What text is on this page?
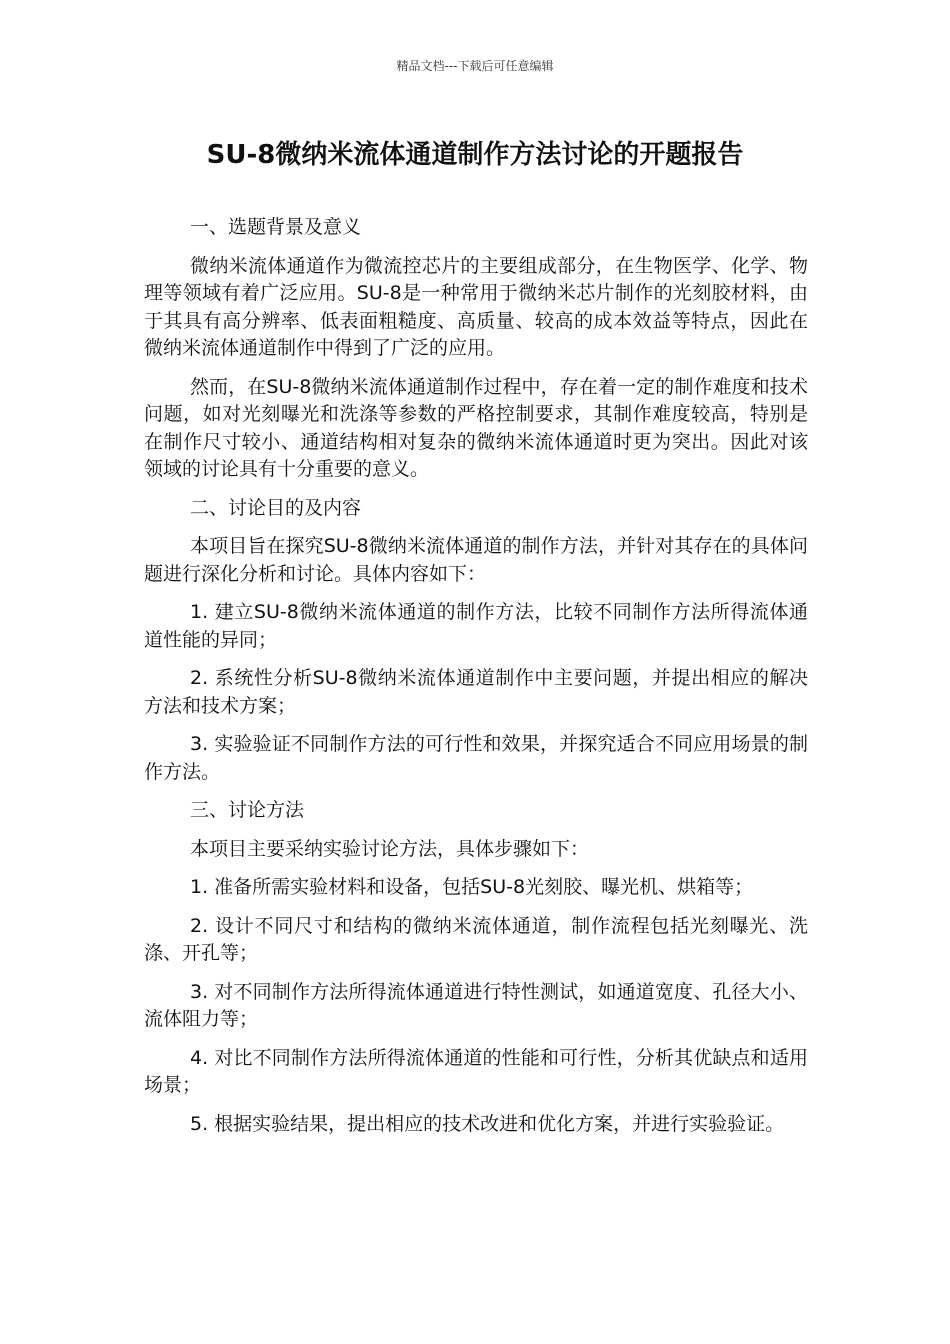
精品文档---下载后可任意编辑
SU-8微纳米流体通道制作方法讨论的开题报告

一、选题背景及意义

微纳米流体通道作为微流控芯片的主要组成部分，在生物医学、化学、物理等领域有着广泛应用。SU-8是一种常用于微纳米芯片制作的光刻胶材料，由于其具有高分辨率、低表面粗糙度、高质量、较高的成本效益等特点，因此在微纳米流体通道制作中得到了广泛的应用。

然而，在SU-8微纳米流体通道制作过程中，存在着一定的制作难度和技术问题，如对光刻曝光和洗涤等参数的严格控制要求，其制作难度较高，特别是在制作尺寸较小、通道结构相对复杂的微纳米流体通道时更为突出。因此对该领域的讨论具有十分重要的意义。

二、讨论目的及内容

本项目旨在探究SU-8微纳米流体通道的制作方法，并针对其存在的具体问题进行深化分析和讨论。具体内容如下：

1. 建立SU-8微纳米流体通道的制作方法，比较不同制作方法所得流体通道性能的异同；

2. 系统性分析SU-8微纳米流体通道制作中主要问题，并提出相应的解决方法和技术方案；

3. 实验验证不同制作方法的可行性和效果，并探究适合不同应用场景的制作方法。

三、讨论方法

本项目主要采纳实验讨论方法，具体步骤如下：

1. 准备所需实验材料和设备，包括SU-8光刻胶、曝光机、烘箱等；

2. 设计不同尺寸和结构的微纳米流体通道，制作流程包括光刻曝光、洗涤、开孔等；

3. 对不同制作方法所得流体通道进行特性测试，如通道宽度、孔径大小、流体阻力等；

4. 对比不同制作方法所得流体通道的性能和可行性，分析其优缺点和适用场景；

5. 根据实验结果，提出相应的技术改进和优化方案，并进行实验验证。
